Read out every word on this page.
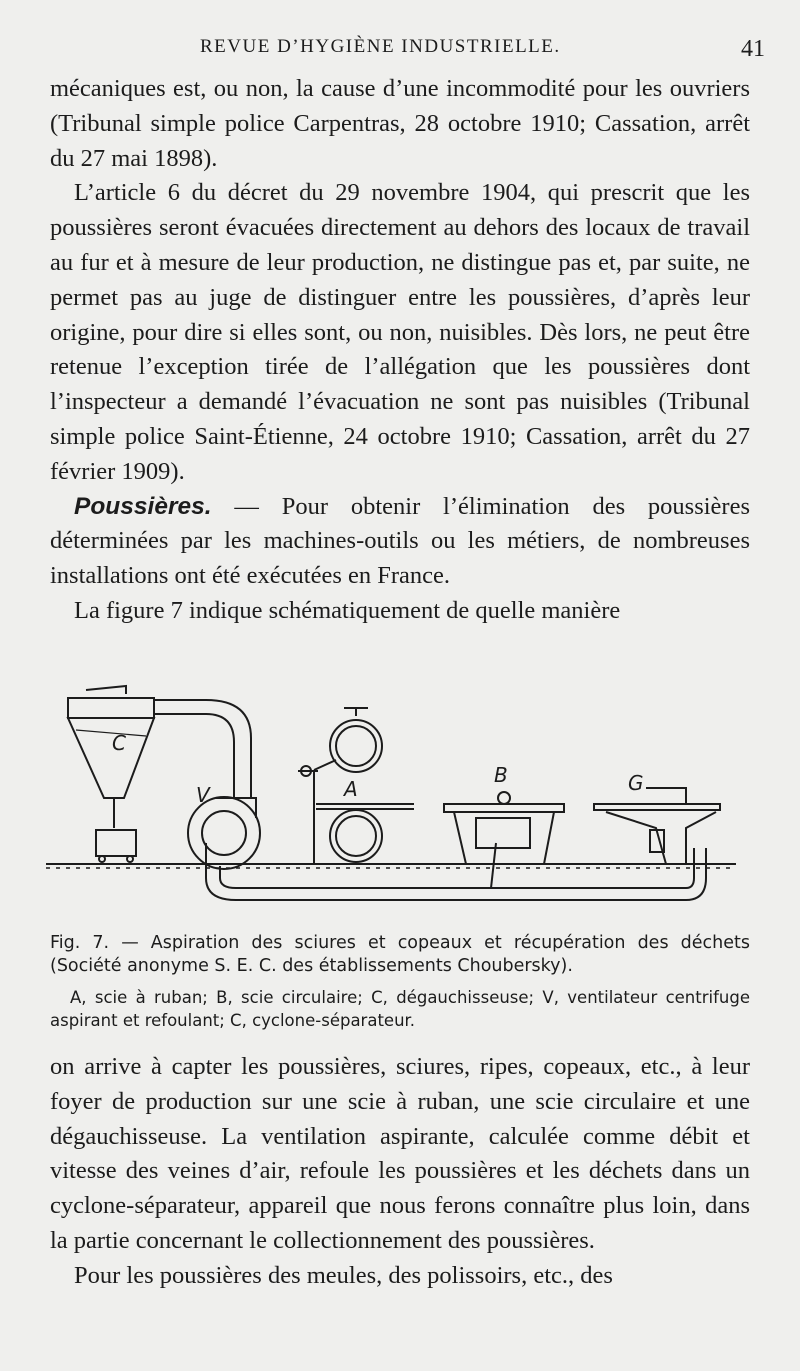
REVUE D’HYGIÈNE INDUSTRIELLE.	41

mécaniques est, ou non, la cause d’une incommodité pour les ouvriers (Tribunal simple police Carpentras, 28 octobre 1910; Cassation, arrêt du 27 mai 1898).

L’article 6 du décret du 29 novembre 1904, qui prescrit que les poussières seront évacuées directement au dehors des locaux de travail au fur et à mesure de leur production, ne distingue pas et, par suite, ne permet pas au juge de distinguer entre les poussières, d’après leur origine, pour dire si elles sont, ou non, nuisibles. Dès lors, ne peut être retenue l’exception tirée de l’allégation que les poussières dont l’inspecteur a demandé l’évacuation ne sont pas nuisibles (Tribunal simple police Saint-Étienne, 24 octobre 1910; Cassation, arrêt du 27 février 1909).

Poussières. — Pour obtenir l’élimination des poussières déterminées par les machines-outils ou les métiers, de nombreuses installations ont été exécutées en France.

La figure 7 indique schématiquement de quelle manière

C
V	A
B	G

Fig. 7. — Aspiration des sciures et copeaux et récupération des déchets (Société anonyme S. E. C. des établissements Choubersky).

A, scie à ruban; B, scie circulaire; C, dégauchisseuse; V, ventilateur centrifuge aspirant et refoulant; C, cyclone-séparateur.

on arrive à capter les poussières, sciures, ripes, copeaux, etc., à leur foyer de production sur une scie à ruban, une scie circulaire et une dégauchisseuse. La ventilation aspirante, calculée comme débit et vitesse des veines d’air, refoule les poussières et les déchets dans un cyclone-séparateur, appareil que nous ferons connaître plus loin, dans la partie concernant le collectionnement des poussières.

Pour les poussières des meules, des polissoirs, etc., des
